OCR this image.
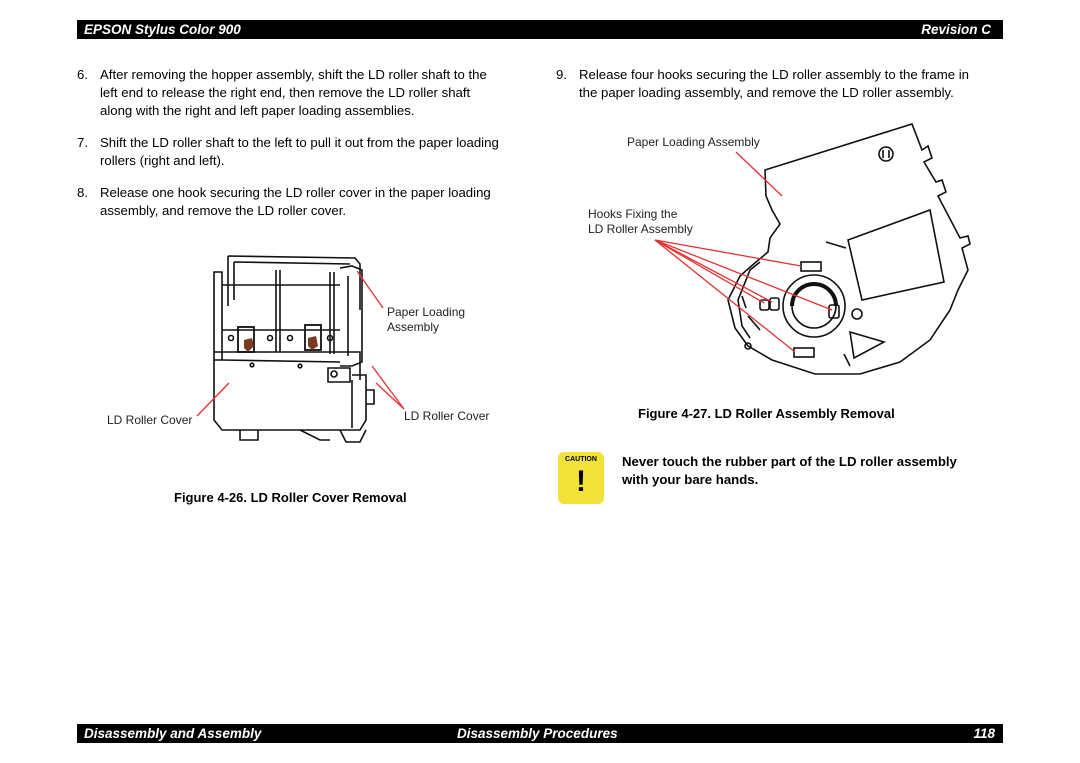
EPSON Stylus Color 900	Revision C
6. After removing the hopper assembly, shift the LD roller shaft to the
left end to release the right end, then remove the LD roller shaft
along with the right and left paper loading assemblies.
7. Shift the LD roller shaft to the left to pull it out from the paper loading
rollers (right and left).
8. Release one hook securing the LD roller cover in the paper loading
assembly, and remove the LD roller cover.
9. Release four hooks securing the LD roller assembly to the frame in
the paper loading assembly, and remove the LD roller assembly.
Paper Loading
Assembly
LD Roller Cover	LD Roller Cover
Figure 4-26. LD Roller Cover Removal
Paper Loading Assembly
Hooks Fixing the
LD Roller Assembly
Figure 4-27. LD Roller Assembly Removal
CAUTION
!
Never touch the rubber part of the LD roller assembly
with your bare hands.
Disassembly and Assembly	Disassembly Procedures	118
